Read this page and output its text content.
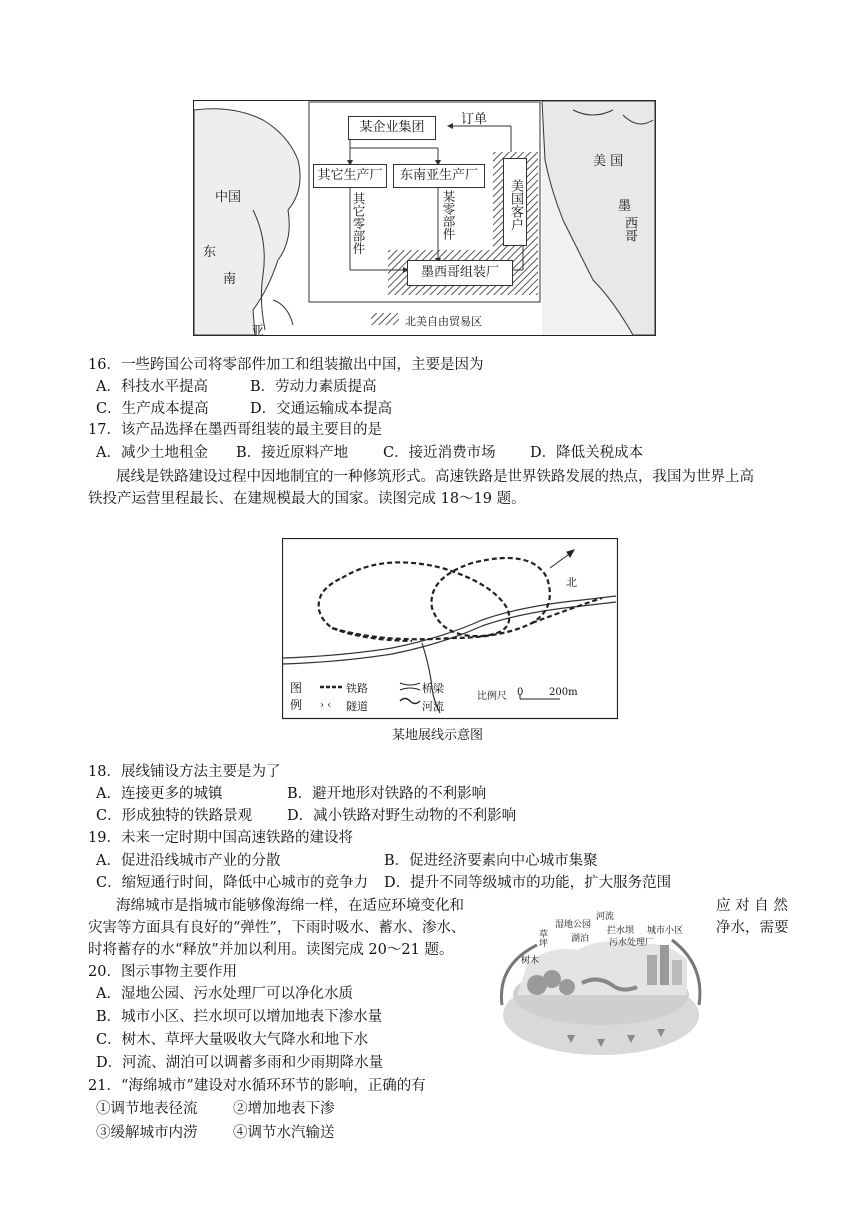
某企业集团
订单
其它生产厂	东南亚生产厂
美国客户
其它零部件	某零部件
墨西哥组装厂
北美自由贸易区
中国
东
南
亚
美 国
墨
西哥
16．一些跨国公司将零部件加工和组装撤出中国，主要是因为
A．科技水平提高	B．劳动力素质提高
C．生产成本提高	D．交通运输成本提高
17．该产品选择在墨西哥组装的最主要目的是
A．减少土地租金 B．接近原料产地 C．接近消费市场 D．降低关税成本
展线是铁路建设过程中因地制宜的一种修筑形式。高速铁路是世界铁路发展的热点，我国为世界上高
铁投产运营里程最长、在建规模最大的国家。读图完成 18～19 题。
› ‹
北
图
例
铁路	桥梁
隧道	河流
比例尺 0	200m
某地展线示意图
18．展线铺设方法主要是为了
A．连接更多的城镇	B．避开地形对铁路的不利影响
C．形成独特的铁路景观 D．减小铁路对野生动物的不利影响
19．未来一定时期中国高速铁路的建设将
A．促进沿线城市产业的分散	B．促进经济要素向中心城市集聚
C．缩短通行时间，降低中心城市的竞争力 D．提升不同等级城市的功能，扩大服务范围
海绵城市是指城市能够像海绵一样，在适应环境变化和	应 对 自 然
灾害等方面具有良好的“弹性”，下雨时吸水、蓄水、渗水、	净水，需要
时将蓄存的水“释放”并加以利用。读图完成 20～21 题。
湿地公园
河流
草坪	湖泊
拦水坝
污水处理厂
城市小区
树木
20．图示事物主要作用
A．湿地公园、污水处理厂可以净化水质
B．城市小区、拦水坝可以增加地表下渗水量
C．树木、草坪大量吸收大气降水和地下水
D．河流、湖泊可以调蓄多雨和少雨期降水量
21．“海绵城市”建设对水循环环节的影响，正确的有
①调节地表径流 ②增加地表下渗
③缓解城市内涝 ④调节水汽输送
